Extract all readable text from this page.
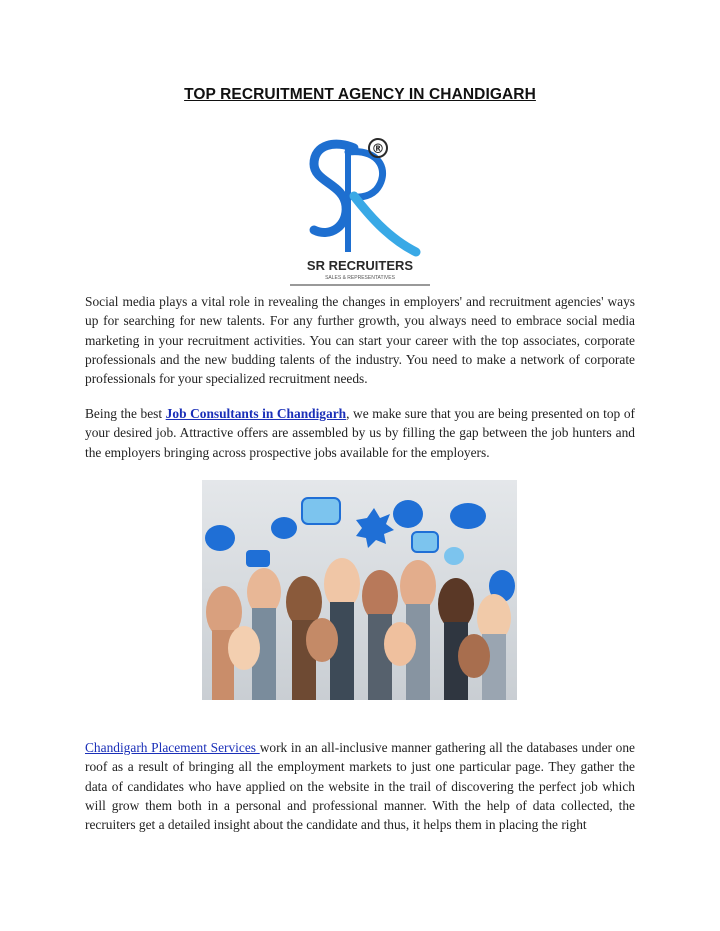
TOP RECRUITMENT AGENCY IN CHANDIGARH
®
SR RECRUITERS
SALES & REPRESENTATIVES

Social media plays a vital role in revealing the changes in employers' and recruitment agencies' ways up for searching for new talents. For any further growth, you always need to embrace social media marketing in your recruitment activities. You can start your career with the top associates, corporate professionals and the new budding talents of the industry. You need to make a network of corporate professionals for your specialized recruitment needs.

Being the best Job Consultants in Chandigarh, we make sure that you are being presented on top of your desired job. Attractive offers are assembled by us by filling the gap between the job hunters and the employers bringing across prospective jobs available for the employers.

Chandigarh Placement Services work in an all-inclusive manner gathering all the databases under one roof as a result of bringing all the employment markets to just one particular page. They gather the data of candidates who have applied on the website in the trail of discovering the perfect job which will grow them both in a personal and professional manner. With the help of data collected, the recruiters get a detailed insight about the candidate and thus, it helps them in placing the right
